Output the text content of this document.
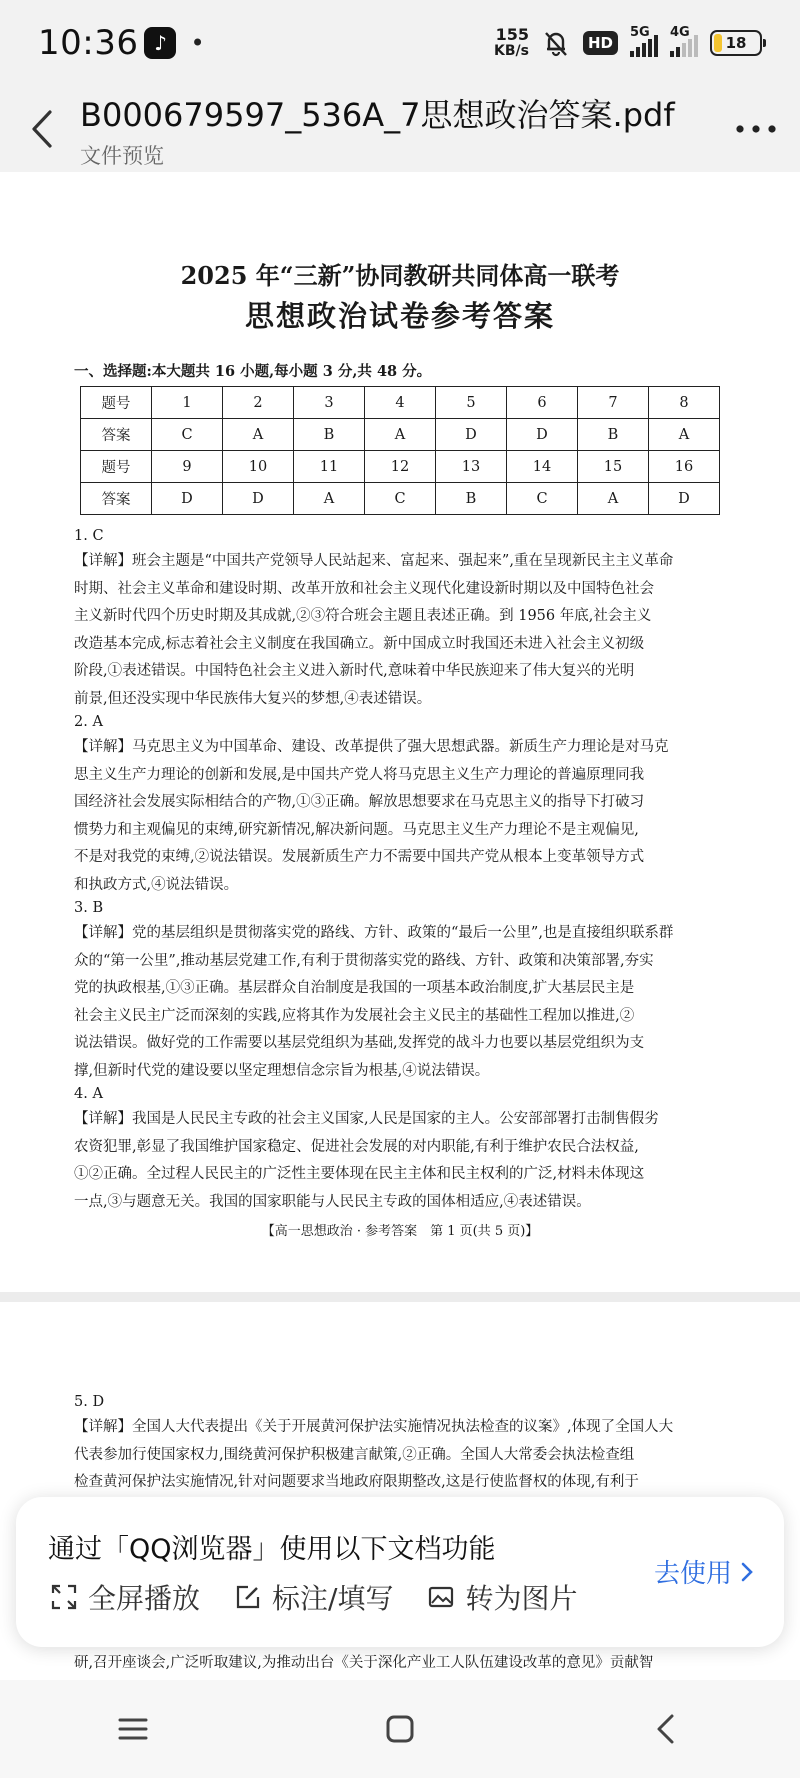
10:36 ♪ •	155
KB/s	HD
5G 4G
18
B000679597_536A_7思想政治答案.pdf
文件预览
2025 年“三新”协同教研共同体高一联考
思想政治试卷参考答案
一、选择题:本大题共 16 小题,每小题 3 分,共 48 分。
题号	1	2	3	4	5	6	7	8
答案	C	A	B	A	D	D	B	A
题号	9	10	11	12	13	14	15	16
答案	D	D	A	C	B	C	A	D
1. C
【详解】班会主题是“中国共产党领导人民站起来、富起来、强起来”,重在呈现新民主主义革命
时期、社会主义革命和建设时期、改革开放和社会主义现代化建设新时期以及中国特色社会
主义新时代四个历史时期及其成就,②③符合班会主题且表述正确。到 1956 年底,社会主义
改造基本完成,标志着社会主义制度在我国确立。新中国成立时我国还未进入社会主义初级
阶段,①表述错误。中国特色社会主义进入新时代,意味着中华民族迎来了伟大复兴的光明
前景,但还没实现中华民族伟大复兴的梦想,④表述错误。
2. A
【详解】马克思主义为中国革命、建设、改革提供了强大思想武器。新质生产力理论是对马克
思主义生产力理论的创新和发展,是中国共产党人将马克思主义生产力理论的普遍原理同我
国经济社会发展实际相结合的产物,①③正确。解放思想要求在马克思主义的指导下打破习
惯势力和主观偏见的束缚,研究新情况,解决新问题。马克思主义生产力理论不是主观偏见,
不是对我党的束缚,②说法错误。发展新质生产力不需要中国共产党从根本上变革领导方式
和执政方式,④说法错误。
3. B
【详解】党的基层组织是贯彻落实党的路线、方针、政策的“最后一公里”,也是直接组织联系群
众的“第一公里”,推动基层党建工作,有利于贯彻落实党的路线、方针、政策和决策部署,夯实
党的执政根基,①③正确。基层群众自治制度是我国的一项基本政治制度,扩大基层民主是
社会主义民主广泛而深刻的实践,应将其作为发展社会主义民主的基础性工程加以推进,②
说法错误。做好党的工作需要以基层党组织为基础,发挥党的战斗力也要以基层党组织为支
撑,但新时代党的建设要以坚定理想信念宗旨为根基,④说法错误。
4. A
【详解】我国是人民民主专政的社会主义国家,人民是国家的主人。公安部部署打击制售假劣
农资犯罪,彰显了我国维护国家稳定、促进社会发展的对内职能,有利于维护农民合法权益,
①②正确。全过程人民民主的广泛性主要体现在民主主体和民主权利的广泛,材料未体现这
一点,③与题意无关。我国的国家职能与人民民主专政的国体相适应,④表述错误。
【高一思想政治 · 参考答案　第 1 页(共 5 页)】
5. D
【详解】全国人大代表提出《关于开展黄河保护法实施情况执法检查的议案》,体现了全国人大
代表参加行使国家权力,围绕黄河保护积极建言献策,②正确。全国人大常委会执法检查组
检查黄河保护法实施情况,针对问题要求当地政府限期整改,这是行使监督权的体现,有利于
研,召开座谈会,广泛听取建议,为推动出台《关于深化产业工人队伍建设改革的意见》贡献智
通过「QQ浏览器」使用以下文档功能
全屏播放	标注/填写	转为图片
去使用
